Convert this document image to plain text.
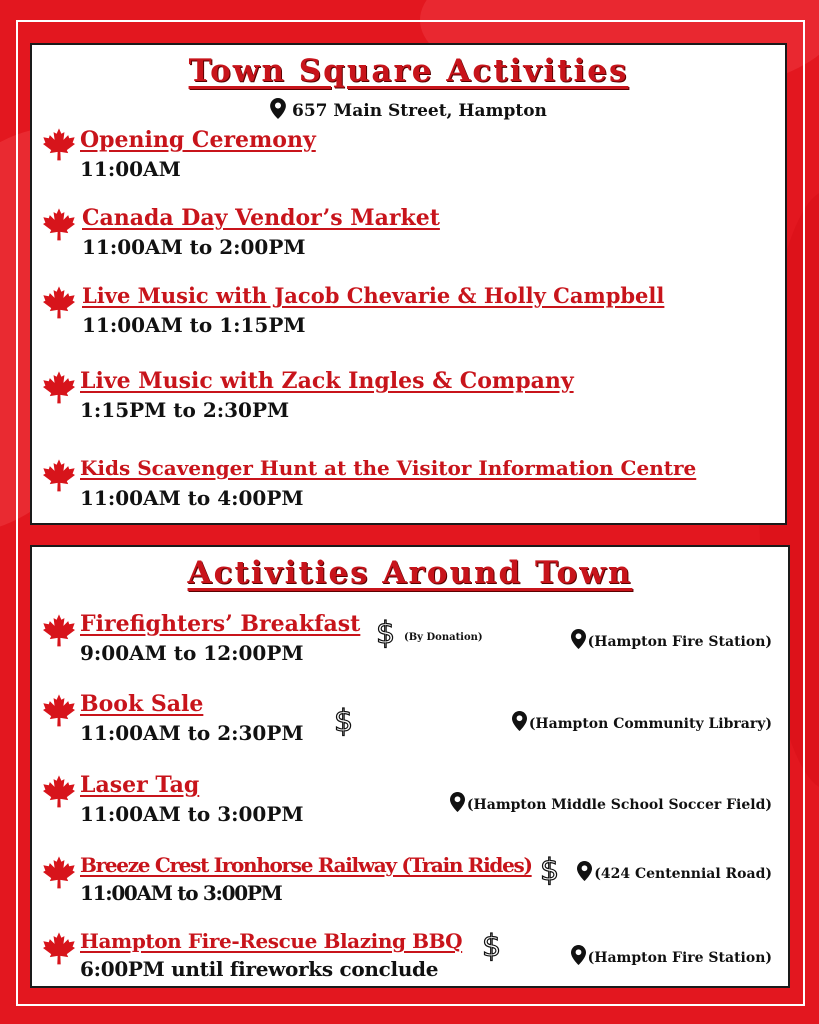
Town Square Activities
657 Main Street, Hampton
Opening Ceremony
11:00AM
Canada Day Vendor’s Market
11:00AM to 2:00PM
Live Music with Jacob Chevarie & Holly Campbell
11:00AM to 1:15PM
Live Music with Zack Ingles & Company
1:15PM to 2:30PM
Kids Scavenger Hunt at the Visitor Information Centre
11:00AM to 4:00PM
Activities Around Town
Firefighters’ Breakfast
9:00AM to 12:00PM
$ (By Donation)	(Hampton Fire Station)
Book Sale
11:00AM to 2:30PM $	(Hampton Community Library)
Laser Tag
11:00AM to 3:00PM	(Hampton Middle School Soccer Field)
Breeze Crest Ironhorse Railway (Train Rides)
11:00AM to 3:00PM
$	(424 Centennial Road)
Hampton Fire-Rescue Blazing BBQ
6:00PM until fireworks conclude
$	(Hampton Fire Station)
